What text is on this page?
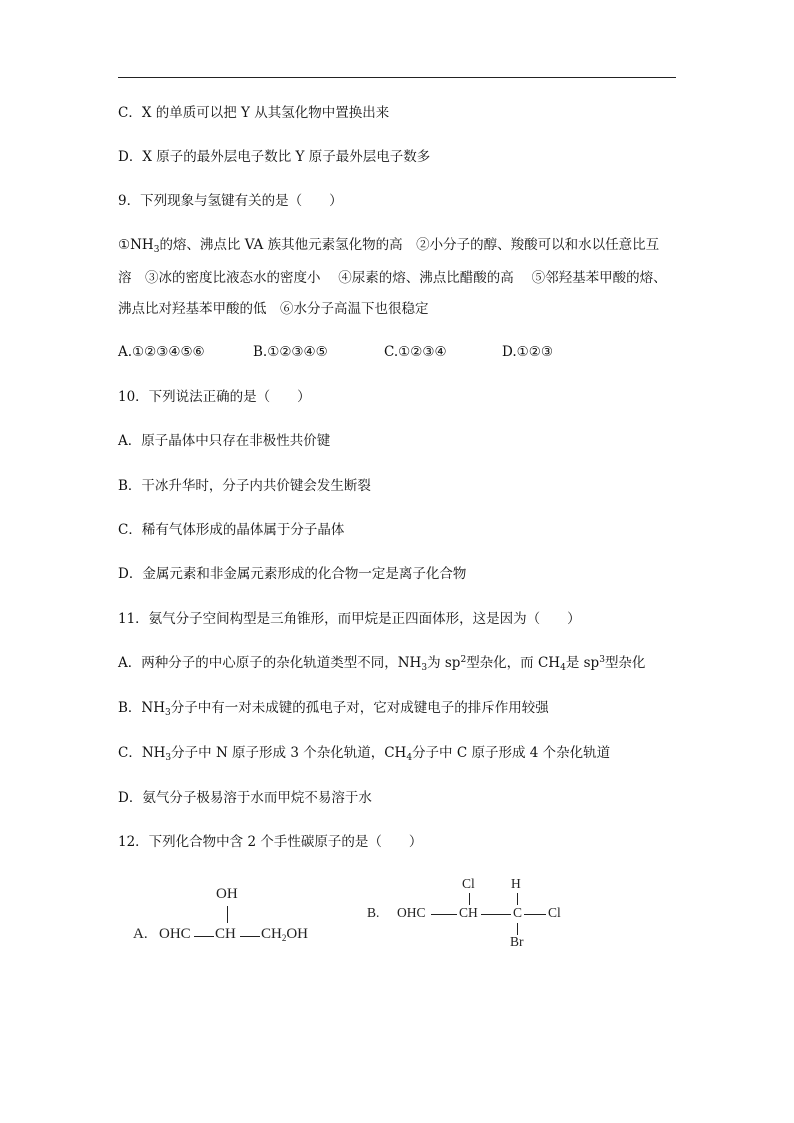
C．X 的单质可以把 Y 从其氢化物中置换出来
D．X 原子的最外层电子数比 Y 原子最外层电子数多
9．下列现象与氢键有关的是（　　）
$①NH_3$的熔、沸点比 VA 族其他元素氢化物的高　②小分子的醇、羧酸可以和水以任意比互
溶　③冰的密度比液态水的密度小　 ④尿素的熔、沸点比醋酸的高　 ⑤邻羟基苯甲酸的熔、
沸点比对羟基苯甲酸的低　⑥水分子高温下也很稳定
A.①②③④⑤⑥	B.①②③④⑤	C.①②③④	D.①②③
10．下列说法正确的是（　　）
A．原子晶体中只存在非极性共价键
B．干冰升华时，分子内共价键会发生断裂
C．稀有气体形成的晶体属于分子晶体
D．金属元素和非金属元素形成的化合物一定是离子化合物
11．氨气分子空间构型是三角锥形，而甲烷是正四面体形，这是因为（　　）
A．两种分子的中心原子的杂化轨道类型不同，$NH_3$为 $sp^2$型杂化，而 $CH_4$是 $sp^3$型杂化
B．$NH_3$分子中有一对未成键的孤电子对，它对成键电子的排斥作用较强
C．$NH_3$分子中 N 原子形成 3 个杂化轨道，$CH_4$分子中 C 原子形成 4 个杂化轨道
D．氨气分子极易溶于水而甲烷不易溶于水
12．下列化合物中含 2 个手性碳原子的是（　　）
OH
A. OHC CH $CH_2OH$
Cl	H
B. OHC CH	C Cl
Br
